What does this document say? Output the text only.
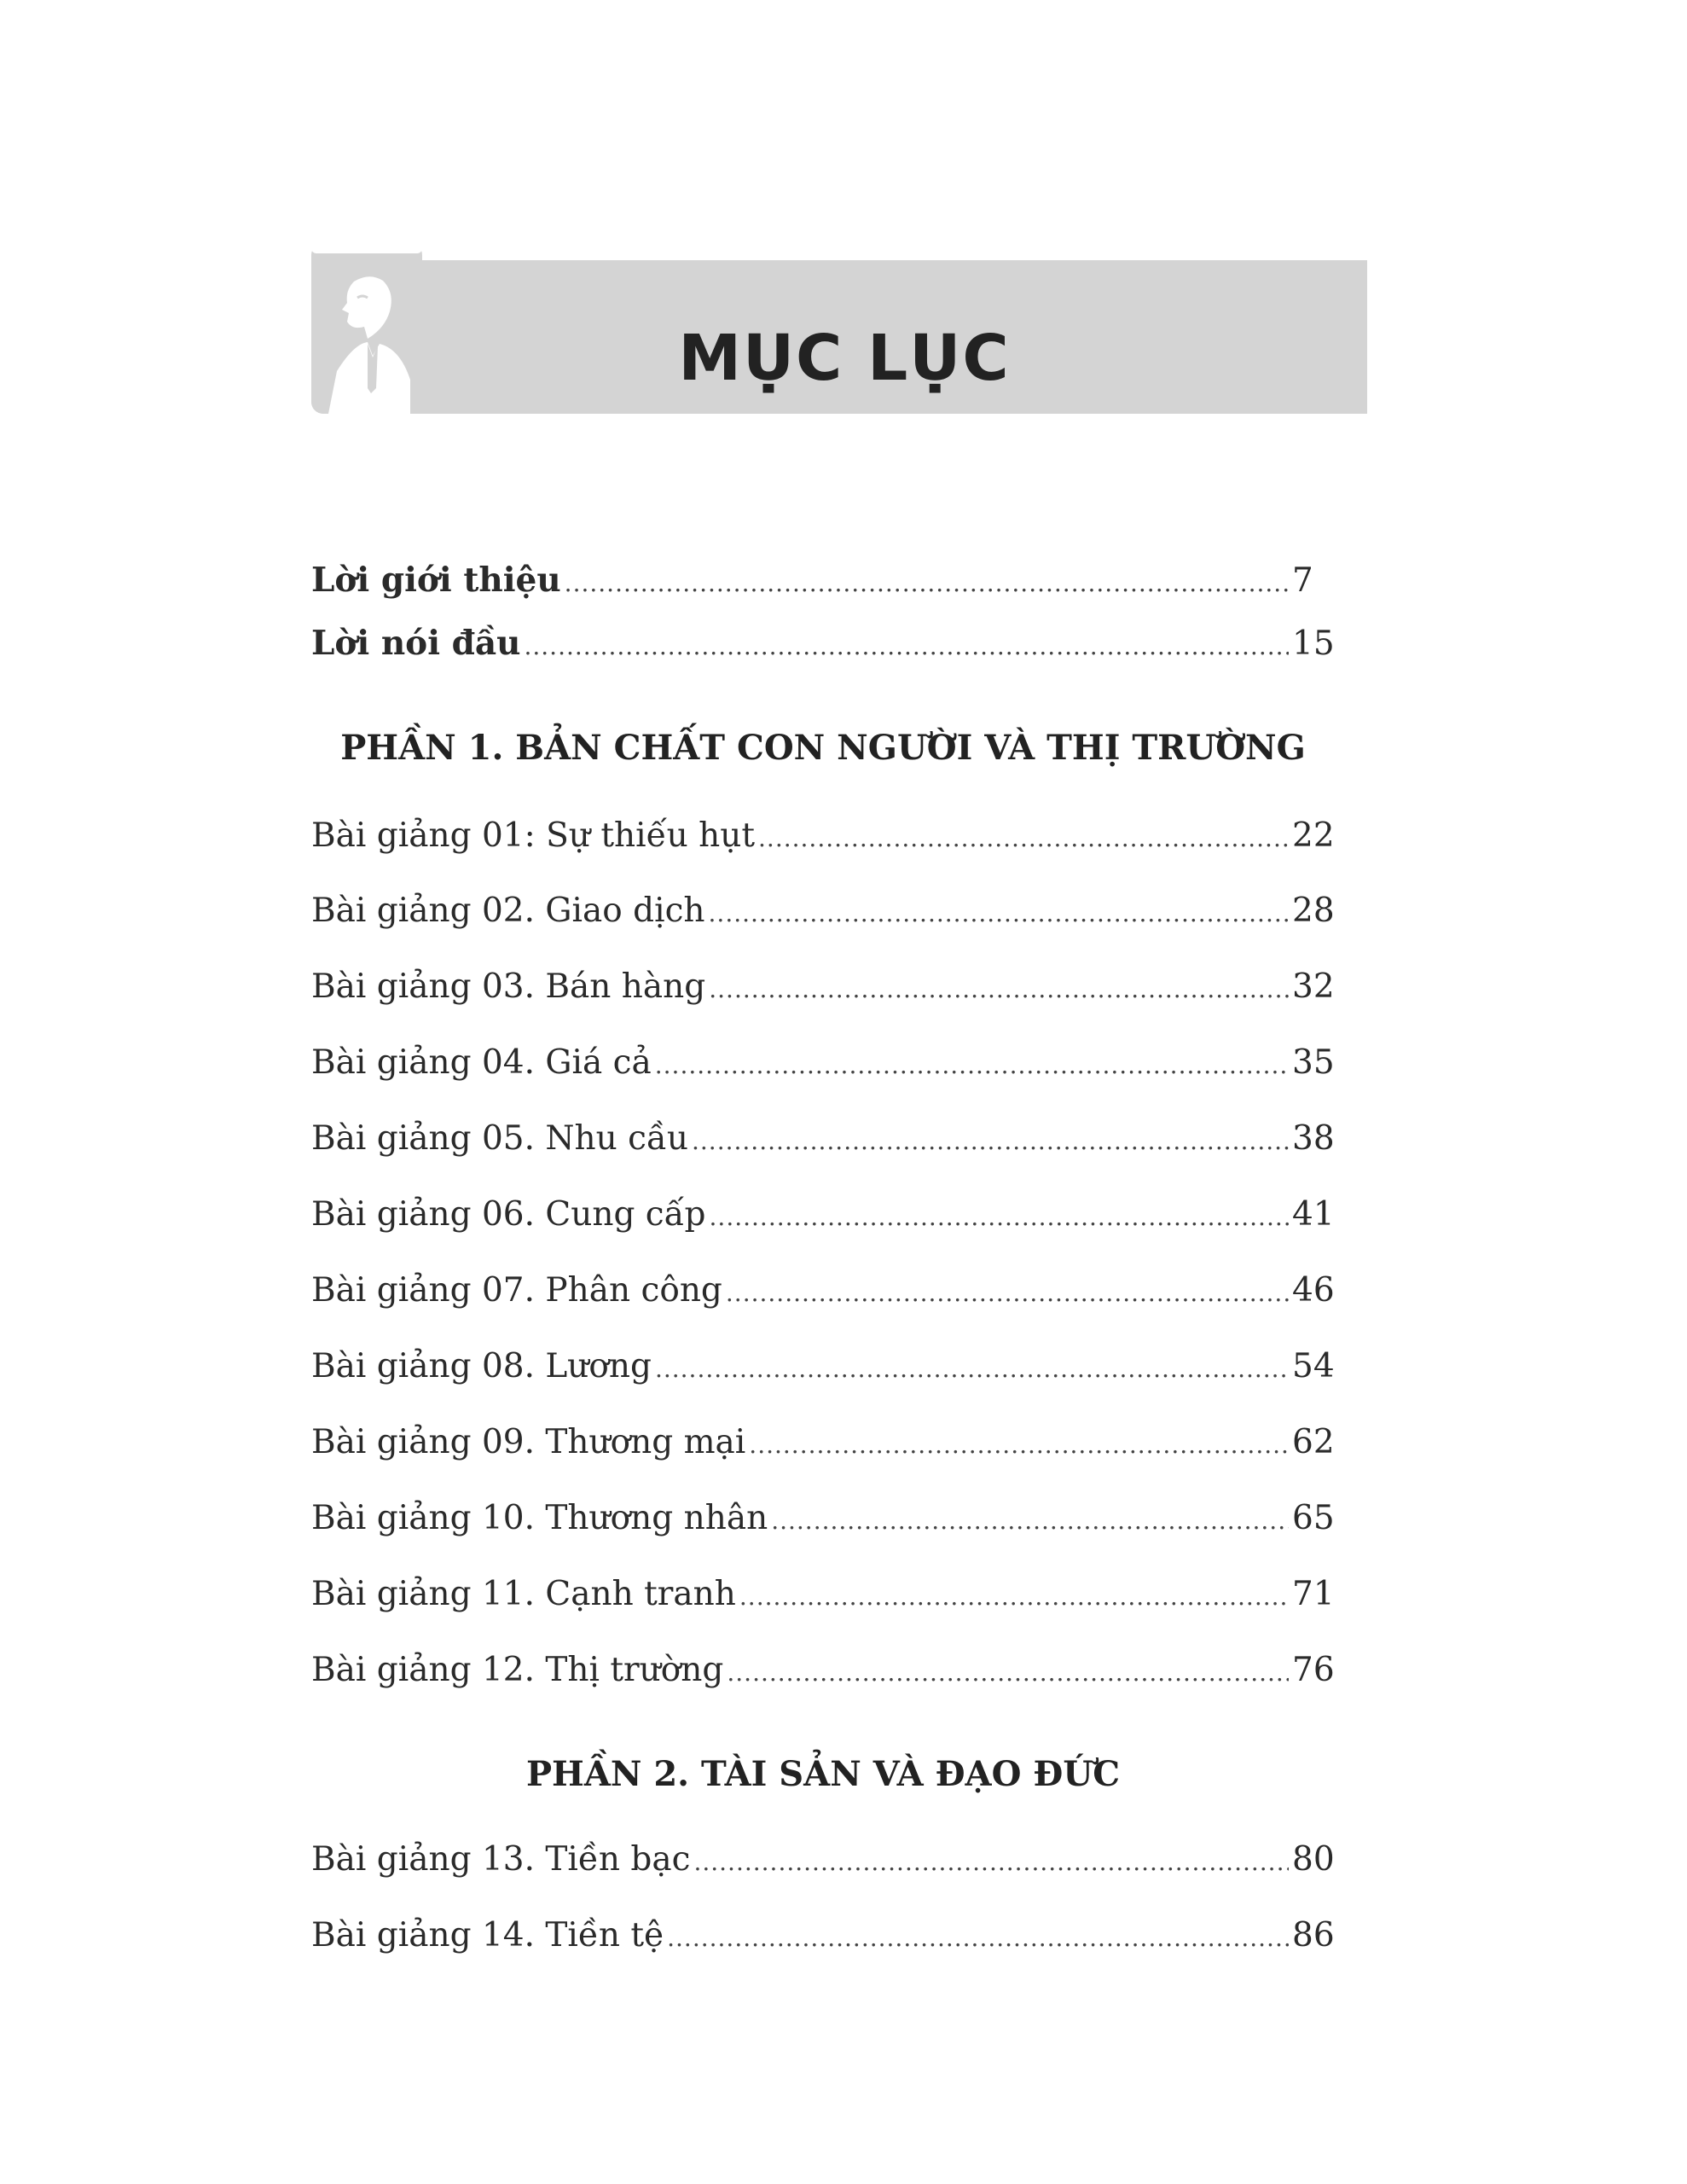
MỤC LỤC
Lời giới thiệu .....	7
Lời nói đầu .....	15
PHẦN 1. BẢN CHẤT CON NGƯỜI VÀ THỊ TRƯỜNG
Bài giảng 01: Sự thiếu hụt .....	22
Bài giảng 02. Giao dịch .....	28
Bài giảng 03. Bán hàng .....	32
Bài giảng 04. Giá cả .....	35
Bài giảng 05. Nhu cầu .....	38
Bài giảng 06. Cung cấp .....	41
Bài giảng 07. Phân công .....	46
Bài giảng 08. Lương .....	54
Bài giảng 09. Thương mại .....	62
Bài giảng 10. Thương nhân .....	65
Bài giảng 11. Cạnh tranh .....	71
Bài giảng 12. Thị trường .....	76
PHẦN 2. TÀI SẢN VÀ ĐẠO ĐỨC
Bài giảng 13. Tiền bạc .....	80
Bài giảng 14. Tiền tệ .....	86
